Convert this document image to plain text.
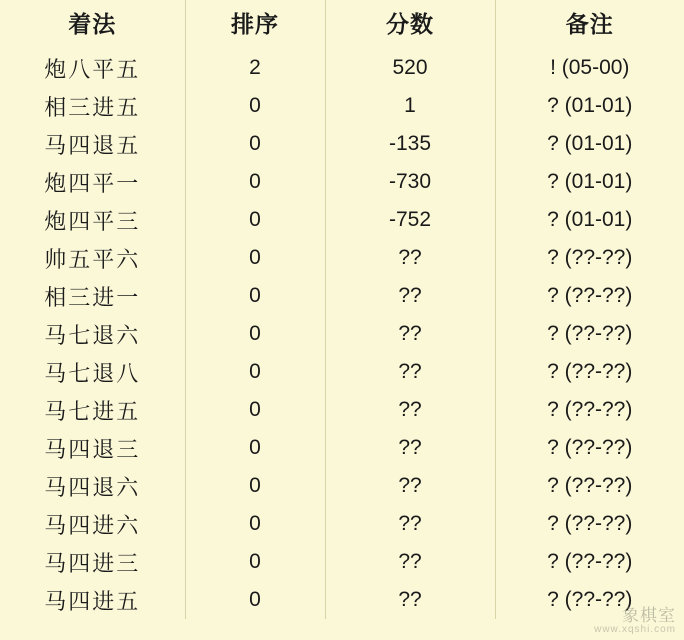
着法	排序	分数	备注
炮八平五	2	520	! (05-00)
相三进五	0	1	? (01-01)
马四退五	0	-135	? (01-01)
炮四平一	0	-730	? (01-01)
炮四平三	0	-752	? (01-01)
帅五平六	0	??	? (??-??)
相三进一	0	??	? (??-??)
马七退六	0	??	? (??-??)
马七退八	0	??	? (??-??)
马七进五	0	??	? (??-??)
马四退三	0	??	? (??-??)
马四退六	0	??	? (??-??)
马四进六	0	??	? (??-??)
马四进三	0	??	? (??-??)
马四进五	0	??	? (??-??)
象棋室
www.xqshi.com
